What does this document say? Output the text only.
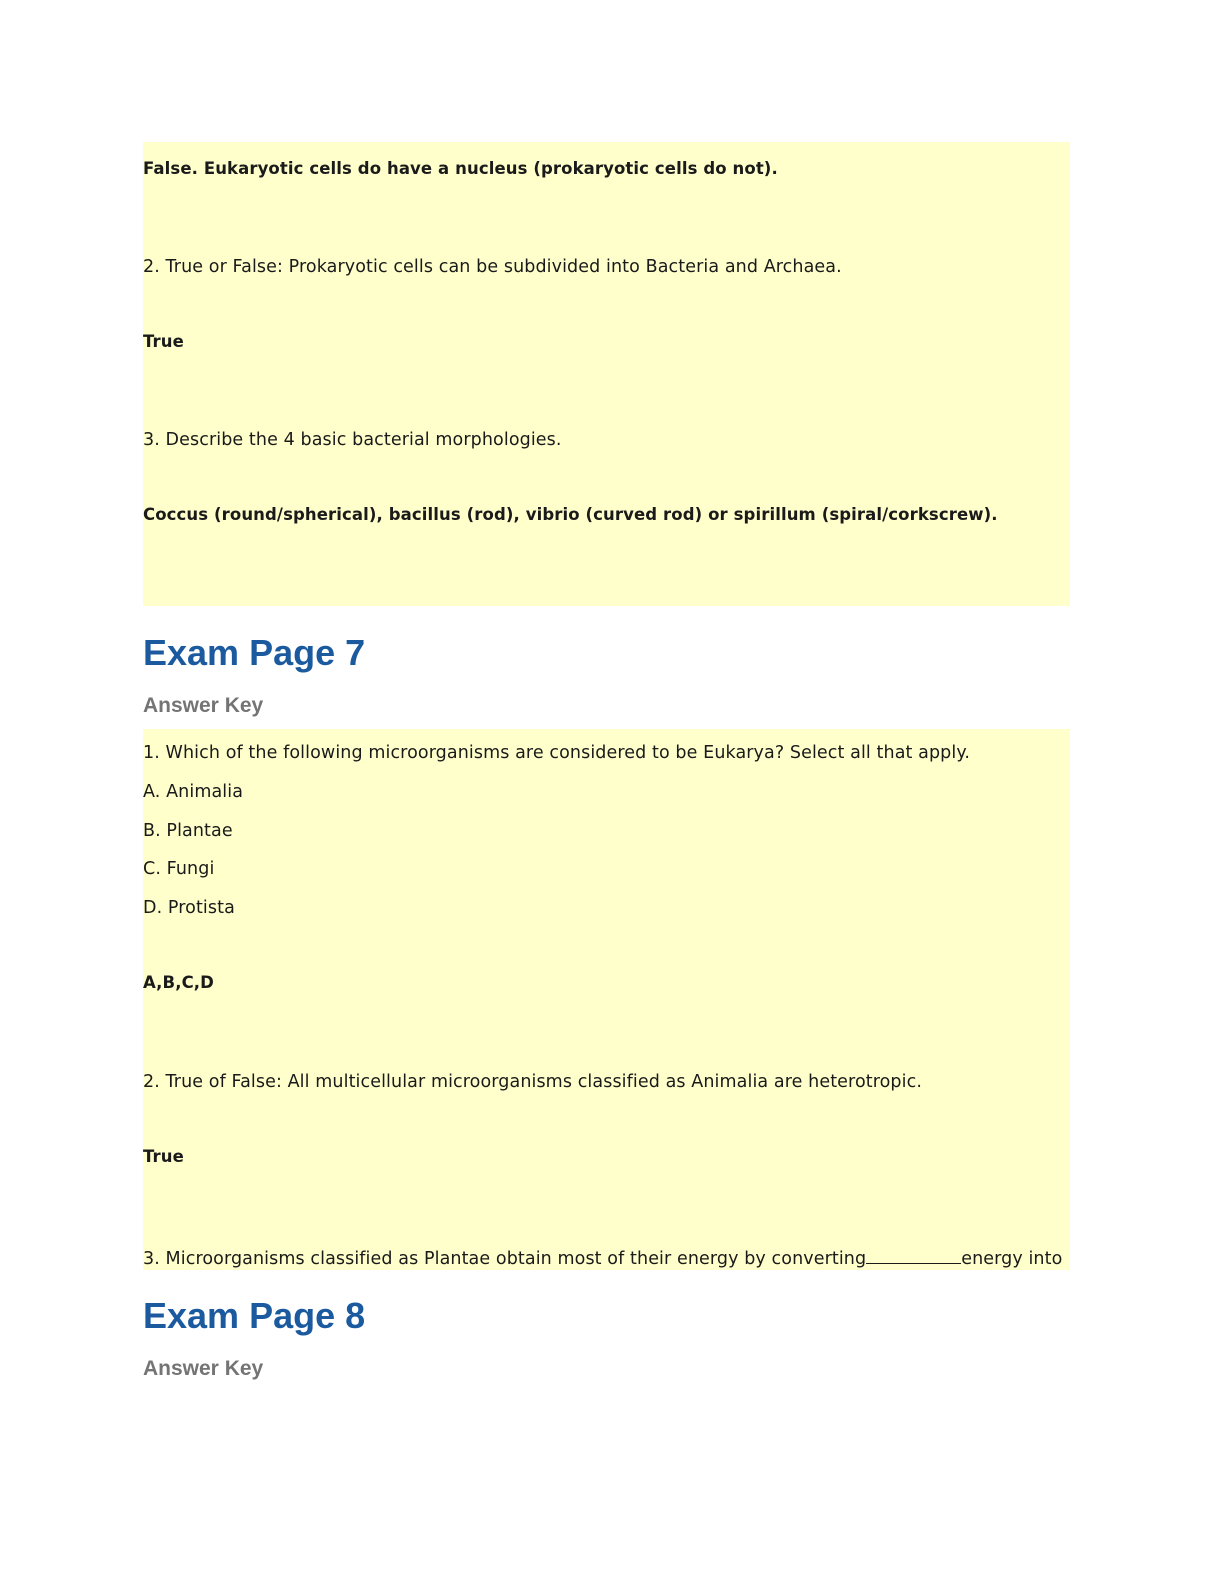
False. Eukaryotic cells do have a nucleus (prokaryotic cells do not).

2. True or False: Prokaryotic cells can be subdivided into Bacteria and Archaea.

True

3. Describe the 4 basic bacterial morphologies.

Coccus (round/spherical), bacillus (rod), vibrio (curved rod) or spirillum (spiral/corkscrew).

Exam Page 7
Answer Key

1. Which of the following microorganisms are considered to be Eukarya? Select all that apply.

A. Animalia

B. Plantae

C. Fungi

D. Protista

A,B,C,D

2. True of False: All multicellular microorganisms classified as Animalia are heterotropic.

True

3. Microorganisms classified as Plantae obtain most of their energy by converting	energy into

Exam Page 8
Answer Key
